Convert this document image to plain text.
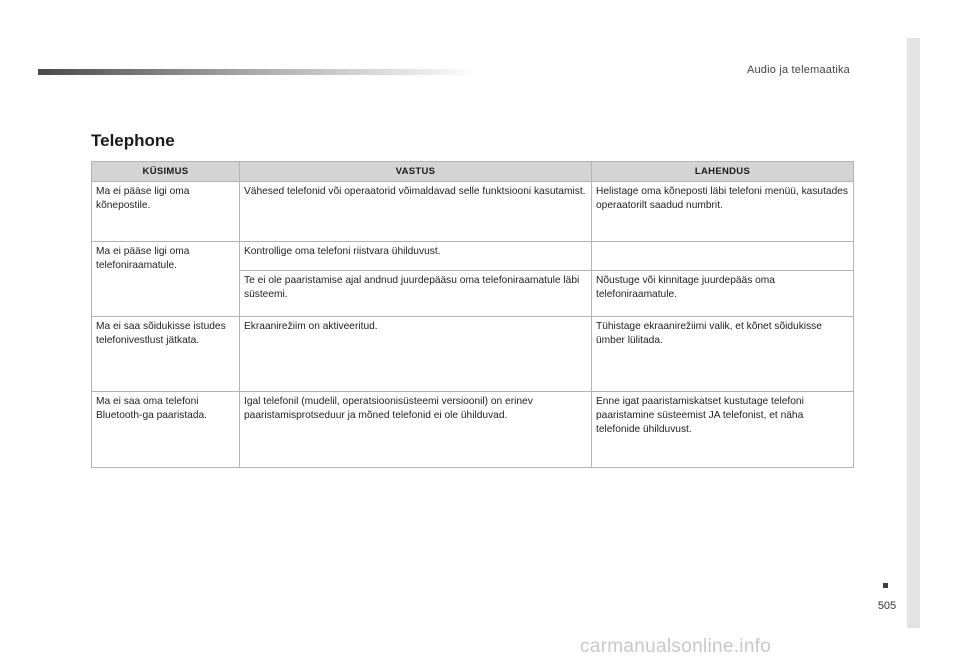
Audio ja telemaatika
505
Telephone
KÜSIMUS	VASTUS	LAHENDUS
Ma ei pääse ligi oma kõnepostile.	Vähesed telefonid või operaatorid võimaldavad selle funktsiooni kasutamist.	Helistage oma kõneposti läbi telefoni menüü, kasutades operaatorilt saadud numbrit.
Ma ei pääse ligi oma telefoniraamatule.	Kontrollige oma telefoni riistvara ühilduvust.	
	Te ei ole paaristamise ajal andnud juurdepääsu oma telefoniraamatule läbi süsteemi.	Nõustuge või kinnitage juurdepääs oma telefoniraamatule.
Ma ei saa sõidukisse istudes telefonivestlust jätkata.	Ekraanirežiim on aktiveeritud.	Tühistage ekraanirežiimi valik, et kõnet sõidukisse ümber lülitada.
Ma ei saa oma telefoni Bluetooth-ga paaristada.	Igal telefonil (mudelil, operatsioonisüsteemi versioonil) on erinev paaristamisprotseduur ja mõned telefonid ei ole ühilduvad.	Enne igat paaristamiskatset kustutage telefoni paaristamine süsteemist JA telefonist, et näha telefonide ühilduvust.
carmanualsonline.info
